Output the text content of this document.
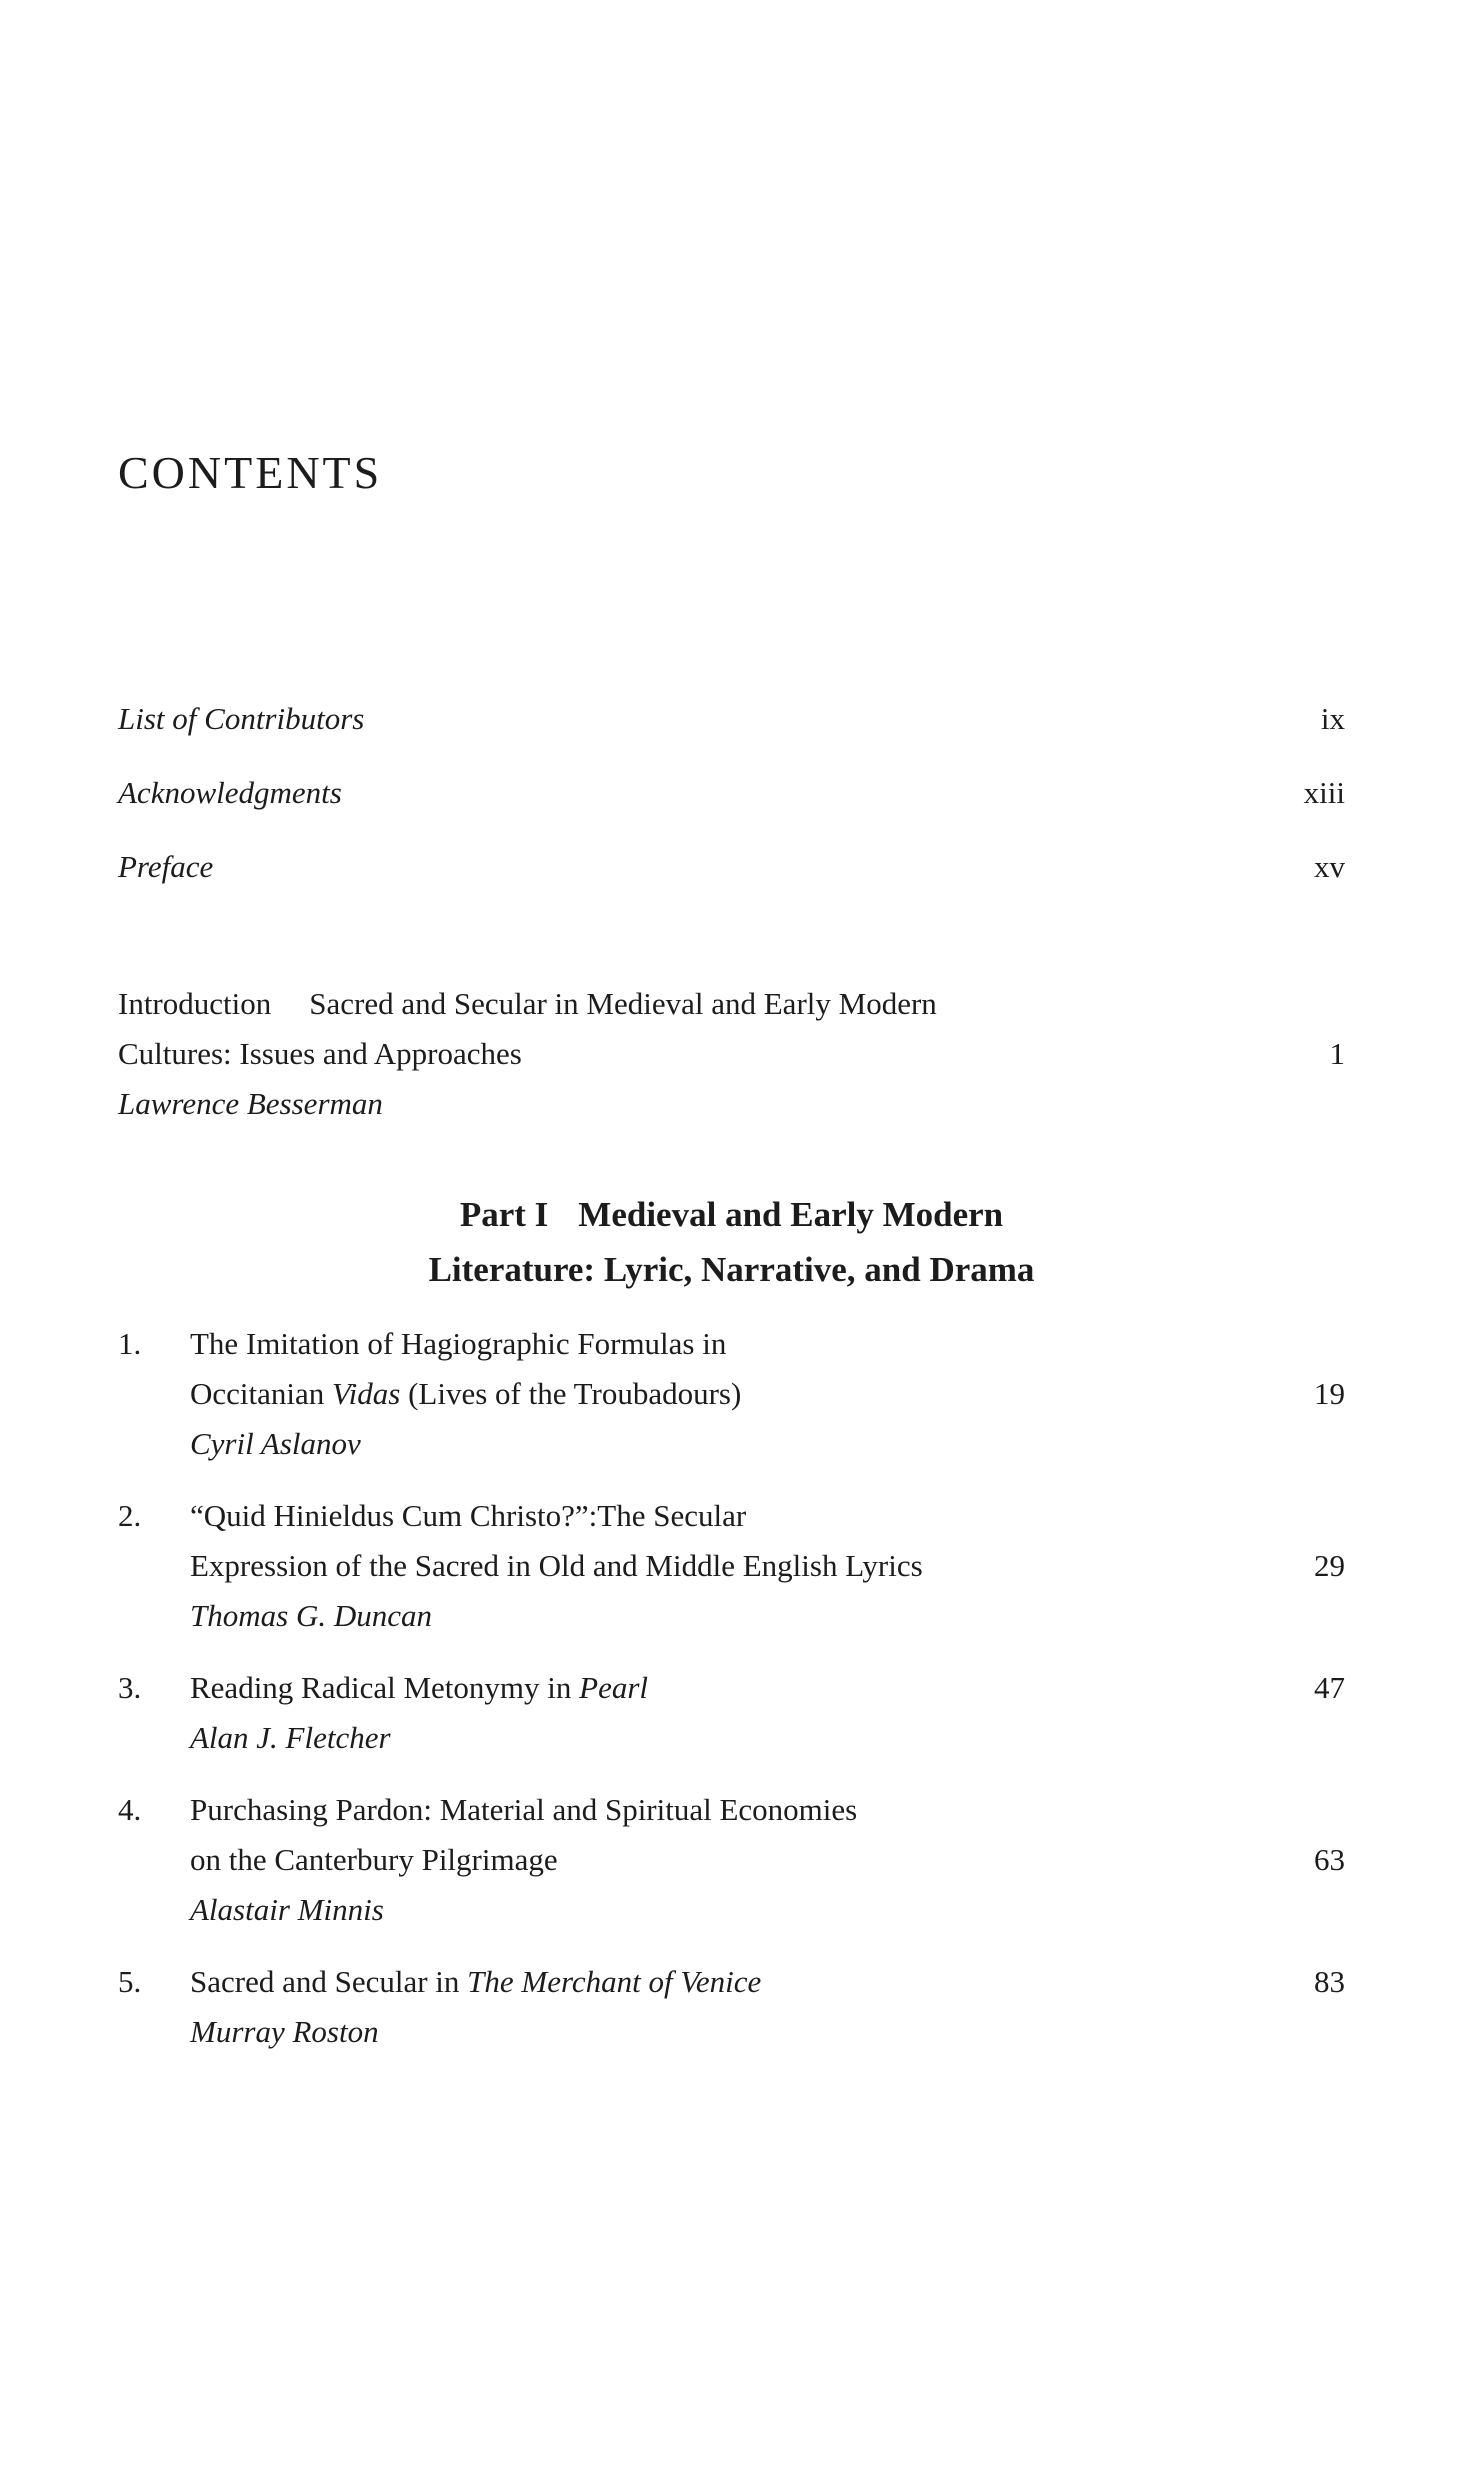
CONTENTS
List of Contributors	ix
Acknowledgments	xiii
Preface	xv
Introduction Sacred and Secular in Medieval and Early Modern
Cultures: Issues and Approaches	1
Lawrence Besserman
Part I Medieval and Early Modern
Literature: Lyric, Narrative, and Drama
1.	The Imitation of Hagiographic Formulas in
Occitanian Vidas (Lives of the Troubadours)	19
Cyril Aslanov
2.	“Quid Hinieldus Cum Christo?”:The Secular
Expression of the Sacred in Old and Middle English Lyrics	29
Thomas G. Duncan
3.	Reading Radical Metonymy in Pearl	47
Alan J. Fletcher
4.	Purchasing Pardon: Material and Spiritual Economies
on the Canterbury Pilgrimage	63
Alastair Minnis
5.	Sacred and Secular in The Merchant of Venice	83
Murray Roston
